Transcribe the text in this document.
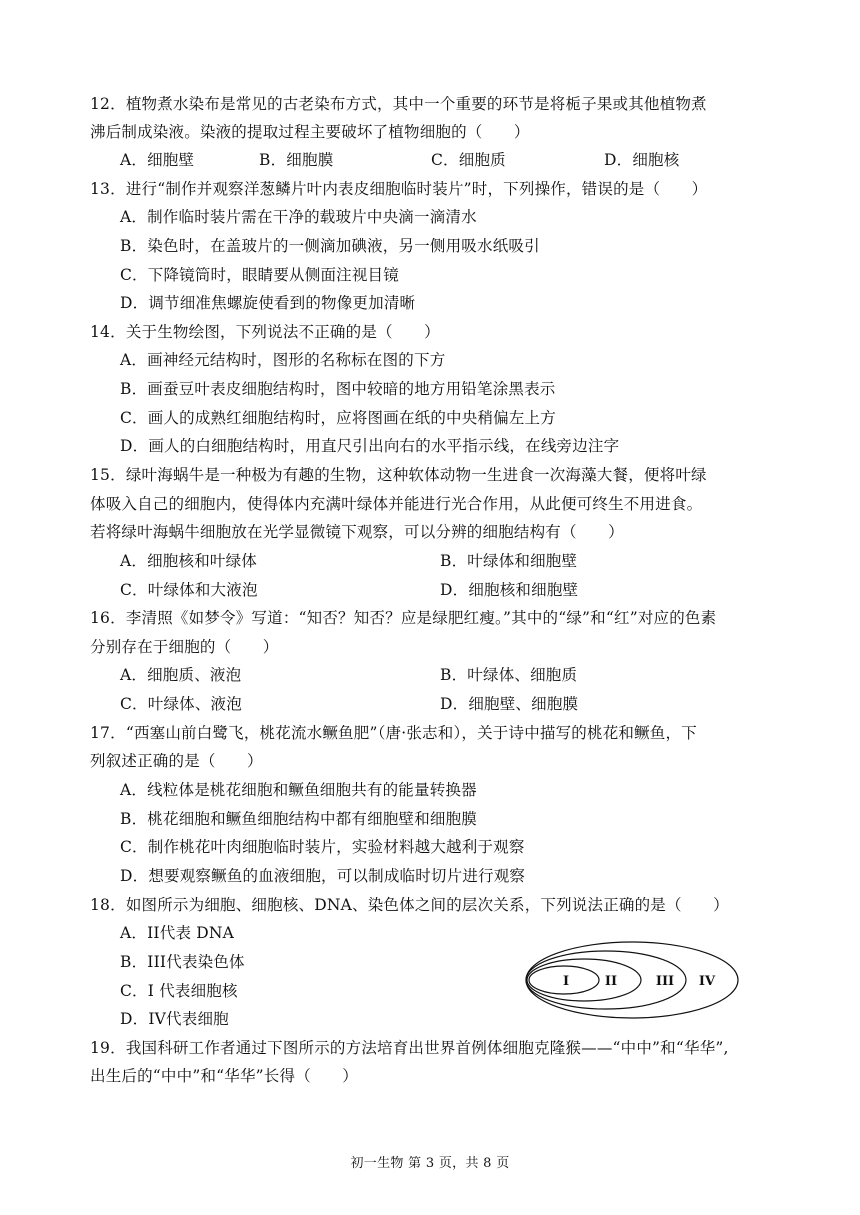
12．植物煮水染布是常见的古老染布方式，其中一个重要的环节是将栀子果或其他植物煮
沸后制成染液。染液的提取过程主要破坏了植物细胞的（　　）
A．细胞壁	B．细胞膜	C．细胞质	D．细胞核
13．进行“制作并观察洋葱鳞片叶内表皮细胞临时装片”时，下列操作，错误的是（　　）
A．制作临时装片需在干净的载玻片中央滴一滴清水
B．染色时，在盖玻片的一侧滴加碘液，另一侧用吸水纸吸引
C．下降镜筒时，眼睛要从侧面注视目镜
D．调节细准焦螺旋使看到的物像更加清晰
14．关于生物绘图，下列说法不正确的是（　　）
A．画神经元结构时，图形的名称标在图的下方
B．画蚕豆叶表皮细胞结构时，图中较暗的地方用铅笔涂黑表示
C．画人的成熟红细胞结构时，应将图画在纸的中央稍偏左上方
D．画人的白细胞结构时，用直尺引出向右的水平指示线，在线旁边注字
15．绿叶海蜗牛是一种极为有趣的生物，这种软体动物一生进食一次海藻大餐，便将叶绿
体吸入自己的细胞内，使得体内充满叶绿体并能进行光合作用，从此便可终生不用进食。
若将绿叶海蜗牛细胞放在光学显微镜下观察，可以分辨的细胞结构有（　　）
A．细胞核和叶绿体	B．叶绿体和细胞壁
C．叶绿体和大液泡	D．细胞核和细胞壁
16．李清照《如梦令》写道：“知否？知否？应是绿肥红瘦。”其中的“绿”和“红”对应的色素
分别存在于细胞的（　　）
A．细胞质、液泡	B．叶绿体、细胞质
C．叶绿体、液泡	D．细胞壁、细胞膜
17．“西塞山前白鹭飞，桃花流水鳜鱼肥”（唐·张志和），关于诗中描写的桃花和鳜鱼，下
列叙述正确的是（　　）
A．线粒体是桃花细胞和鳜鱼细胞共有的能量转换器
B．桃花细胞和鳜鱼细胞结构中都有细胞壁和细胞膜
C．制作桃花叶肉细胞临时装片，实验材料越大越利于观察
D．想要观察鳜鱼的血液细胞，可以制成临时切片进行观察
18．如图所示为细胞、细胞核、DNA、染色体之间的层次关系，下列说法正确的是（　　）
A．II代表 DNA
B．III代表染色体
C．I 代表细胞核
D．IV代表细胞
I	II	III IV
19．我国科研工作者通过下图所示的方法培育出世界首例体细胞克隆猴——“中中”和“华华”,
出生后的“中中”和“华华”长得（　　）
初一生物 第 3 页，共 8 页
